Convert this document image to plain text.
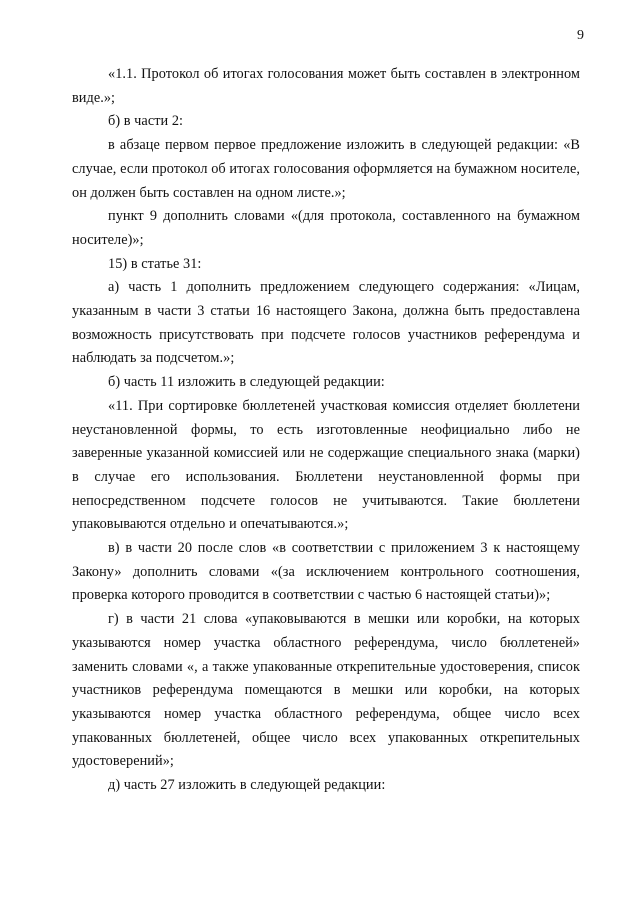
9

«1.1. Протокол об итогах голосования может быть составлен в электронном виде.»;

б) в части 2:

в абзаце первом первое предложение изложить в следующей редакции: «В случае, если протокол об итогах голосования оформляется на бумажном носителе, он должен быть составлен на одном листе.»;

пункт 9 дополнить словами «(для протокола, составленного на бумажном носителе)»;

15) в статье 31:

а) часть 1 дополнить предложением следующего содержания: «Лицам, указанным в части 3 статьи 16 настоящего Закона, должна быть предоставлена возможность присутствовать при подсчете голосов участников референдума и наблюдать за подсчетом.»;

б) часть 11 изложить в следующей редакции:

«11. При сортировке бюллетеней участковая комиссия отделяет бюллетени неустановленной формы, то есть изготовленные неофициально либо не заверенные указанной комиссией или не содержащие специального знака (марки) в случае его использования. Бюллетени неустановленной формы при непосредственном подсчете голосов не учитываются. Такие бюллетени упаковываются отдельно и опечатываются.»;

в) в части 20 после слов «в соответствии с приложением 3 к настоящему Закону» дополнить словами «(за исключением контрольного соотношения, проверка которого проводится в соответствии с частью 6 настоящей статьи)»;

г) в части 21 слова «упаковываются в мешки или коробки, на которых указываются номер участка областного референдума, число бюллетеней» заменить словами «, а также упакованные открепительные удостоверения, список участников референдума помещаются в мешки или коробки, на которых указываются номер участка областного референдума, общее число всех упакованных бюллетеней, общее число всех упакованных открепительных удостоверений»;

д) часть 27 изложить в следующей редакции:
